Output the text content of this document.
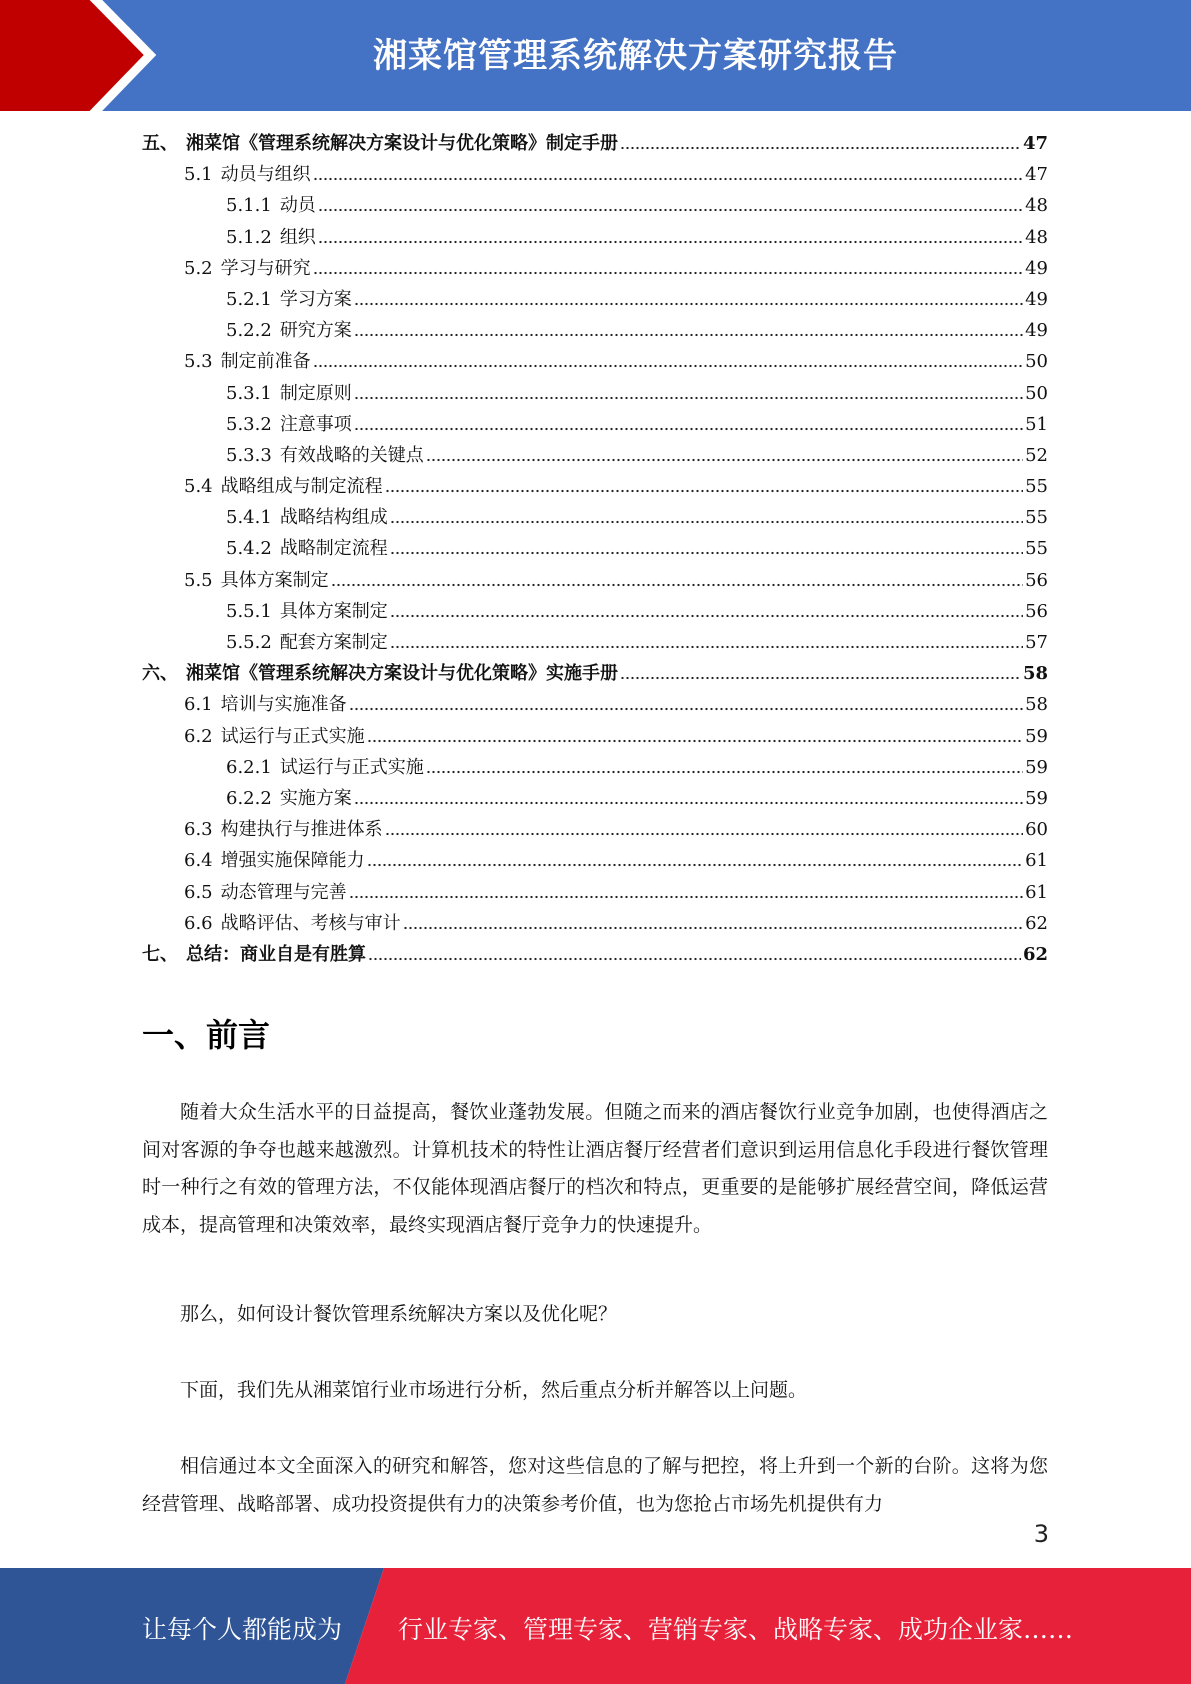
湘菜馆管理系统解决方案研究报告
五、 湘菜馆《管理系统解决方案设计与优化策略》制定手册	47
5.1 动员与组织	47
5.1.1 动员	48
5.1.2 组织	48
5.2 学习与研究	49
5.2.1 学习方案	49
5.2.2 研究方案	49
5.3 制定前准备	50
5.3.1 制定原则	50
5.3.2 注意事项	51
5.3.3 有效战略的关键点	52
5.4 战略组成与制定流程	55
5.4.1 战略结构组成	55
5.4.2 战略制定流程	55
5.5 具体方案制定	56
5.5.1 具体方案制定	56
5.5.2 配套方案制定	57
六、 湘菜馆《管理系统解决方案设计与优化策略》实施手册	58
6.1 培训与实施准备	58
6.2 试运行与正式实施	59
6.2.1 试运行与正式实施	59
6.2.2 实施方案	59
6.3 构建执行与推进体系	60
6.4 增强实施保障能力	61
6.5 动态管理与完善	61
6.6 战略评估、考核与审计	62
七、 总结：商业自是有胜算	62
一、前言

随着大众生活水平的日益提高，餐饮业蓬勃发展。但随之而来的酒店餐饮行业竞争加剧，也使得酒店之间对客源的争夺也越来越激烈。计算机技术的特性让酒店餐厅经营者们意识到运用信息化手段进行餐饮管理时一种行之有效的管理方法，不仅能体现酒店餐厅的档次和特点，更重要的是能够扩展经营空间，降低运营成本，提高管理和决策效率，最终实现酒店餐厅竞争力的快速提升。

那么，如何设计餐饮管理系统解决方案以及优化呢？

下面，我们先从湘菜馆行业市场进行分析，然后重点分析并解答以上问题。

相信通过本文全面深入的研究和解答，您对这些信息的了解与把控，将上升到一个新的台阶。这将为您经营管理、战略部署、成功投资提供有力的决策参考价值，也为您抢占市场先机提供有力

3
让每个人都能成为 行业专家、管理专家、营销专家、战略专家、成功企业家……
